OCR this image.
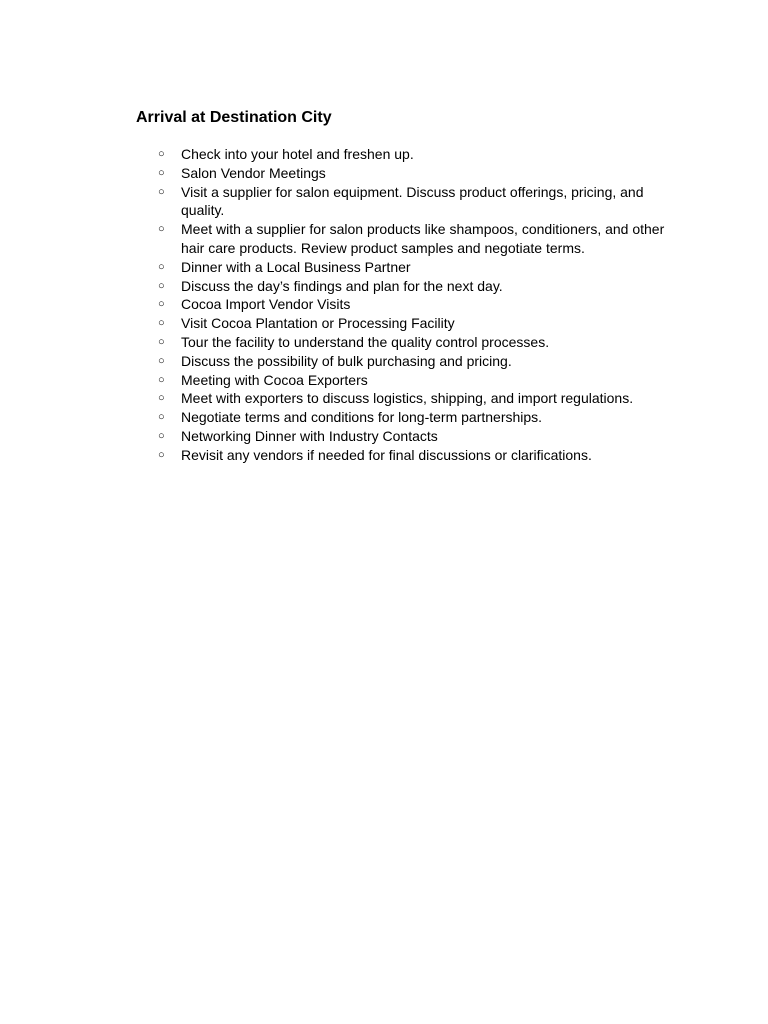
Arrival at Destination City
○ Check into your hotel and freshen up.
○ Salon Vendor Meetings
○ Visit a supplier for salon equipment. Discuss product offerings, pricing, and quality.
○ Meet with a supplier for salon products like shampoos, conditioners, and other hair care products. Review product samples and negotiate terms.
○ Dinner with a Local Business Partner
○ Discuss the day’s findings and plan for the next day.
○ Cocoa Import Vendor Visits
○ Visit Cocoa Plantation or Processing Facility
○ Tour the facility to understand the quality control processes.
○ Discuss the possibility of bulk purchasing and pricing.
○ Meeting with Cocoa Exporters
○ Meet with exporters to discuss logistics, shipping, and import regulations.
○ Negotiate terms and conditions for long-term partnerships.
○ Networking Dinner with Industry Contacts
○ Revisit any vendors if needed for final discussions or clarifications.
